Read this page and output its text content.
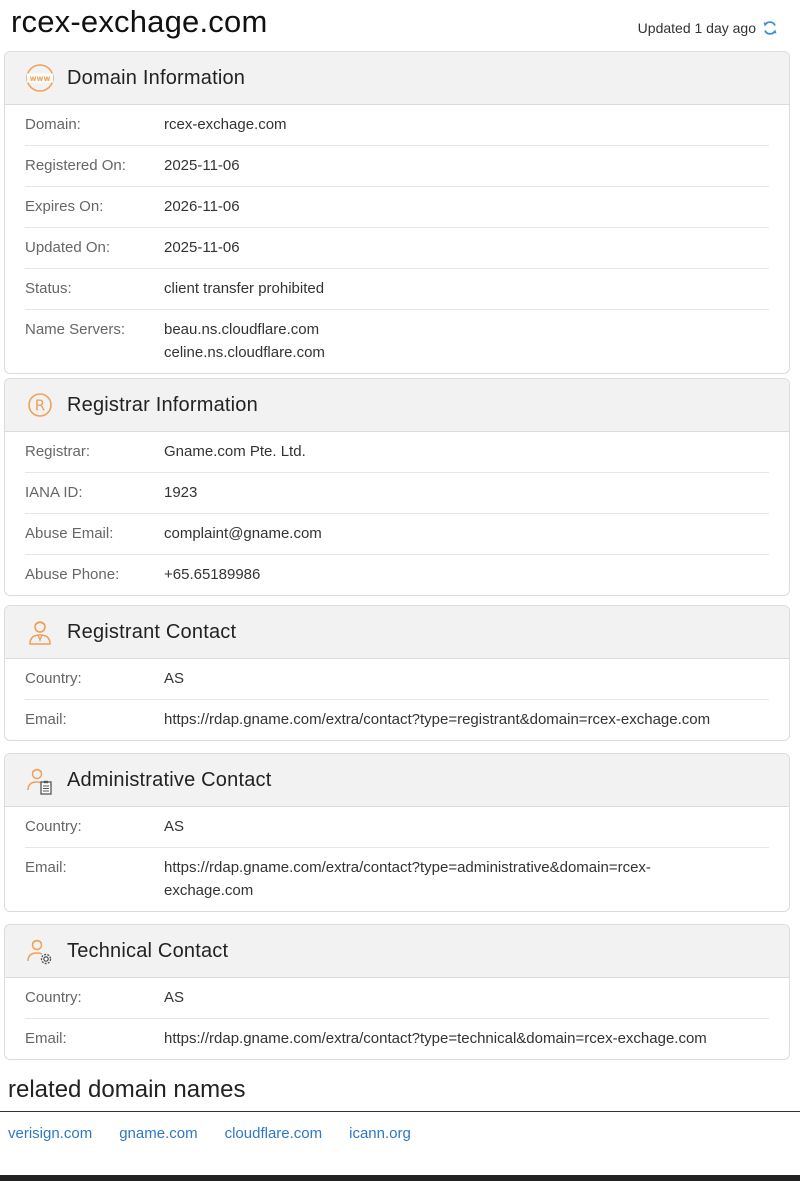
rcex-exchage.com	Updated 1 day ago
www Domain Information
Domain:	rcex-exchage.com
Registered On:	2025-11-06
Expires On:	2026-11-06
Updated On:	2025-11-06
Status:	client transfer prohibited
Name Servers:	beau.ns.cloudflare.com
celine.ns.cloudflare.com
R Registrar Information
Registrar:	Gname.com Pte. Ltd.
IANA ID:	1923
Abuse Email:	complaint@gname.com
Abuse Phone:	+65.65189986
Registrant Contact
Country:	AS
Email:	https://rdap.gname.com/extra/contact?type=registrant&domain=rcex-exchage.com
Administrative Contact
Country:	AS
Email:	https://rdap.gname.com/extra/contact?type=administrative&domain=rcex-
exchage.com
Technical Contact
Country:	AS
Email:	https://rdap.gname.com/extra/contact?type=technical&domain=rcex-exchage.com
related domain names
verisign.com gname.com cloudflare.com icann.org
